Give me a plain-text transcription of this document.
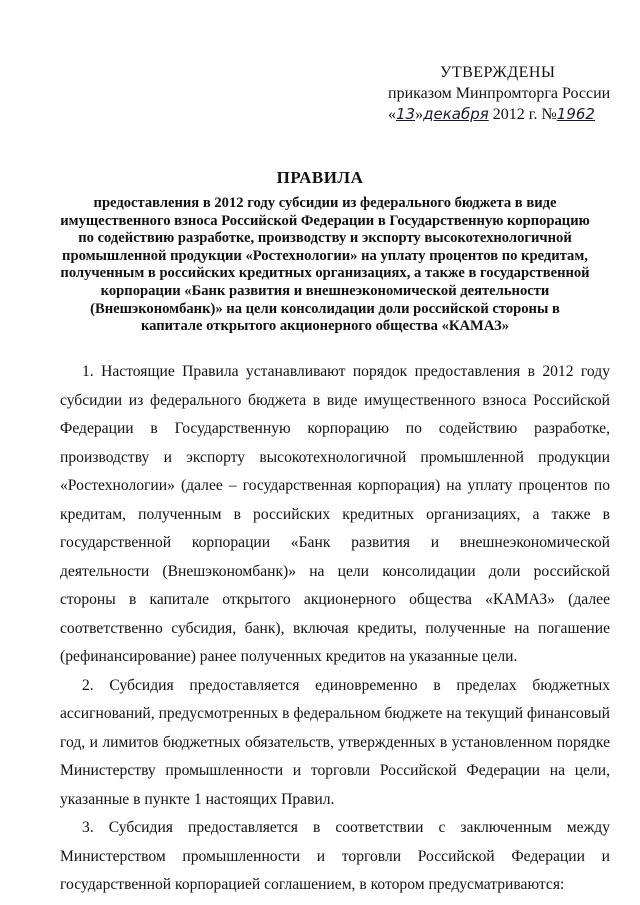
УТВЕРЖДЕНЫ
приказом Минпромторга России
«13»декабря 2012 г. №1962
ПРАВИЛА
предоставления в 2012 году субсидии из федерального бюджета в виде имущественного взноса Российской Федерации в Государственную корпорацию по содействию разработке, производству и экспорту высокотехнологичной промышленной продукции «Ростехнологии» на уплату процентов по кредитам, полученным в российских кредитных организациях, а также в государственной корпорации «Банк развития и внешнеэкономической деятельности (Внешэкономбанк)» на цели консолидации доли российской стороны в капитале открытого акционерного общества «КАМАЗ»

1. Настоящие Правила устанавливают порядок предоставления в 2012 году субсидии из федерального бюджета в виде имущественного взноса Российской Федерации в Государственную корпорацию по содействию разработке, производству и экспорту высокотехнологичной промышленной продукции «Ростехнологии» (далее – государственная корпорация) на уплату процентов по кредитам, полученным в российских кредитных организациях, а также в государственной корпорации «Банк развития и внешнеэкономической деятельности (Внешэкономбанк)» на цели консолидации доли российской стороны в капитале открытого акционерного общества «КАМАЗ» (далее соответственно субсидия, банк), включая кредиты, полученные на погашение (рефинансирование) ранее полученных кредитов на указанные цели.

2. Субсидия предоставляется единовременно в пределах бюджетных ассигнований, предусмотренных в федеральном бюджете на текущий финансовый год, и лимитов бюджетных обязательств, утвержденных в установленном порядке Министерству промышленности и торговли Российской Федерации на цели, указанные в пункте 1 настоящих Правил.

3. Субсидия предоставляется в соответствии с заключенным между Министерством промышленности и торговли Российской Федерации и государственной корпорацией соглашением, в котором предусматриваются:
